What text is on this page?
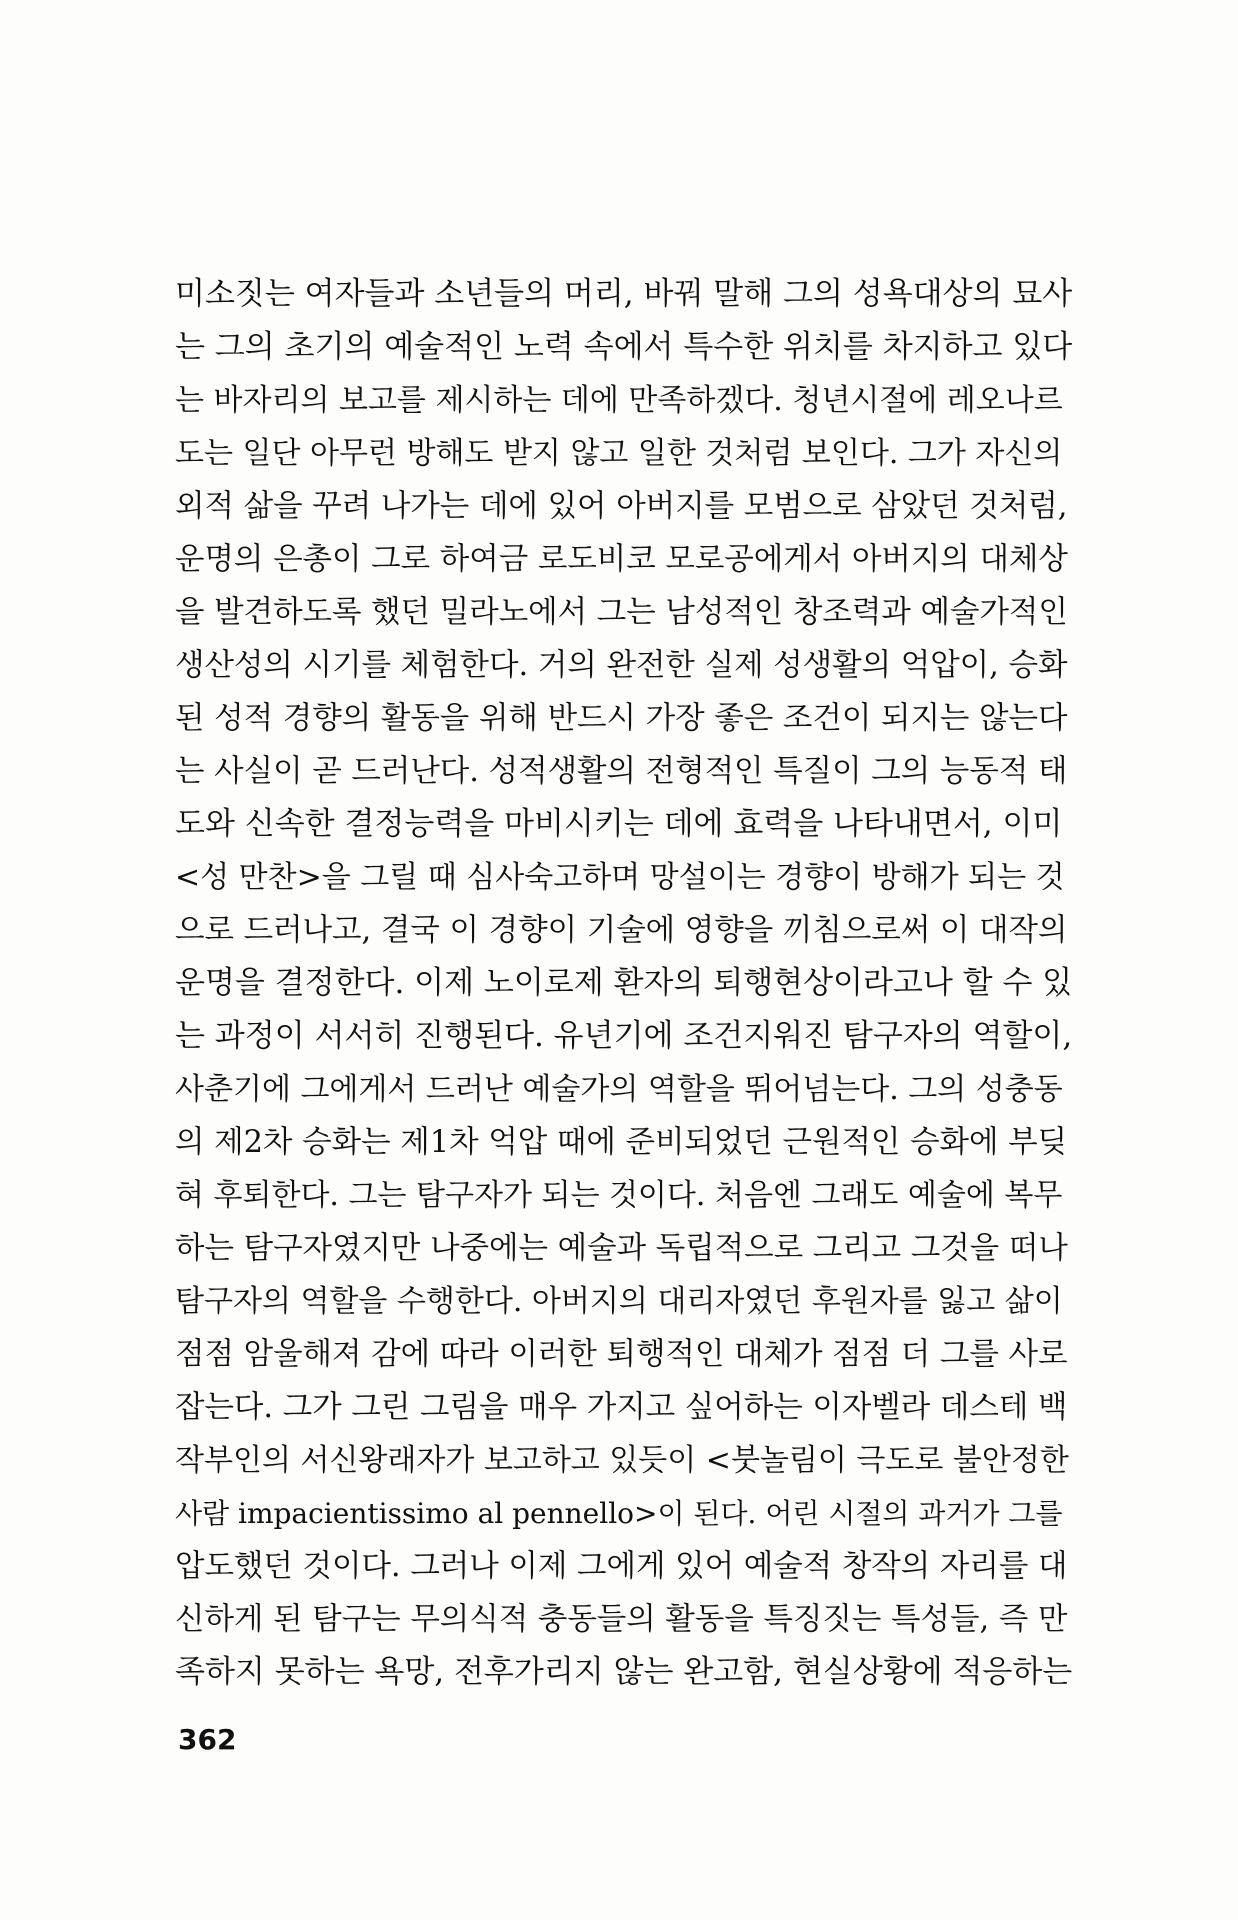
미소짓는 여자들과 소년들의 머리, 바꿔 말해 그의 성욕대상의 묘사
는 그의 초기의 예술적인 노력 속에서 특수한 위치를 차지하고 있다
는 바자리의 보고를 제시하는 데에 만족하겠다. 청년시절에 레오나르
도는 일단 아무런 방해도 받지 않고 일한 것처럼 보인다. 그가 자신의
외적 삶을 꾸려 나가는 데에 있어 아버지를 모범으로 삼았던 것처럼,
운명의 은총이 그로 하여금 로도비코 모로공에게서 아버지의 대체상
을 발견하도록 했던 밀라노에서 그는 남성적인 창조력과 예술가적인
생산성의 시기를 체험한다. 거의 완전한 실제 성생활의 억압이, 승화
된 성적 경향의 활동을 위해 반드시 가장 좋은 조건이 되지는 않는다
는 사실이 곧 드러난다. 성적생활의 전형적인 특질이 그의 능동적 태
도와 신속한 결정능력을 마비시키는 데에 효력을 나타내면서, 이미
<성 만찬>을 그릴 때 심사숙고하며 망설이는 경향이 방해가 되는 것
으로 드러나고, 결국 이 경향이 기술에 영향을 끼침으로써 이 대작의
운명을 결정한다. 이제 노이로제 환자의 퇴행현상이라고나 할 수 있
는 과정이 서서히 진행된다. 유년기에 조건지워진 탐구자의 역할이,
사춘기에 그에게서 드러난 예술가의 역할을 뛰어넘는다. 그의 성충동
의 제2차 승화는 제1차 억압 때에 준비되었던 근원적인 승화에 부딪
혀 후퇴한다. 그는 탐구자가 되는 것이다. 처음엔 그래도 예술에 복무
하는 탐구자였지만 나중에는 예술과 독립적으로 그리고 그것을 떠나
탐구자의 역할을 수행한다. 아버지의 대리자였던 후원자를 잃고 삶이
점점 암울해져 감에 따라 이러한 퇴행적인 대체가 점점 더 그를 사로
잡는다. 그가 그린 그림을 매우 가지고 싶어하는 이자벨라 데스테 백
작부인의 서신왕래자가 보고하고 있듯이 <붓놀림이 극도로 불안정한
사람 impacientissimo al pennello>이 된다. 어린 시절의 과거가 그를
압도했던 것이다. 그러나 이제 그에게 있어 예술적 창작의 자리를 대
신하게 된 탐구는 무의식적 충동들의 활동을 특징짓는 특성들, 즉 만
족하지 못하는 욕망, 전후가리지 않는 완고함, 현실상황에 적응하는
362
